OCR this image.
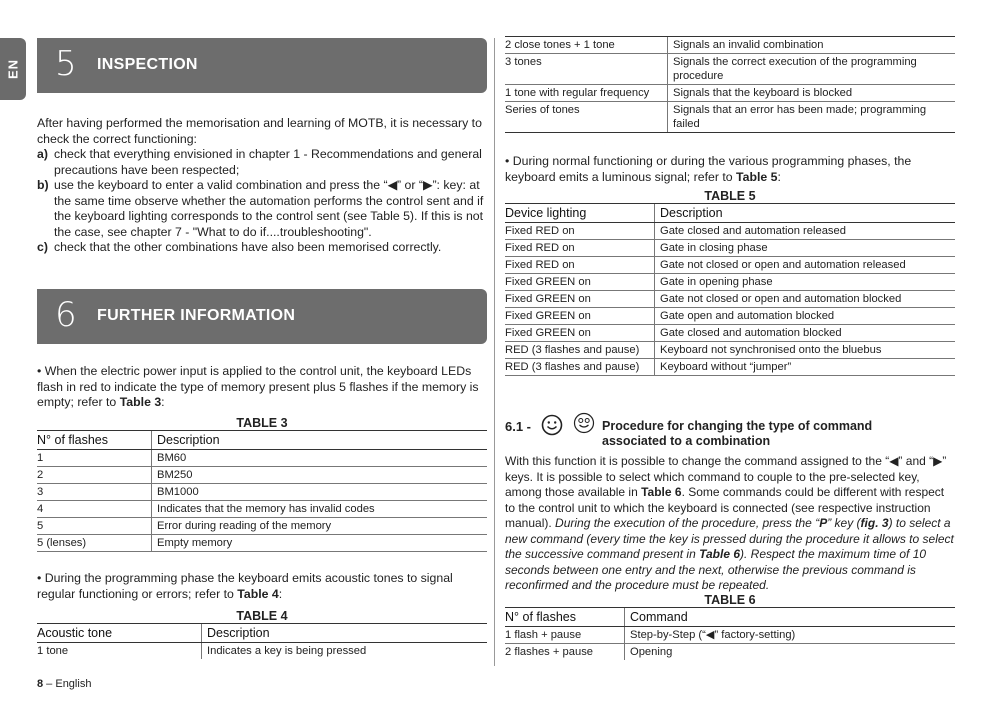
EN 5 INSPECTION

After having performed the memorisation and learning of MOTB, it is necessary to check the correct functioning:

a) check that everything envisioned in chapter 1 - Recommendations and general precautions have been respected;
b) use the keyboard to enter a valid combination and press the “◀” or “▶”: key: at the same time observe whether the automation performs the control sent and if the keyboard lighting corresponds to the control sent (see Table 5). If this is not the case, see chapter 7 - "What to do if....troubleshooting".
c) check that the other combinations have also been memorised correctly.
6 FURTHER INFORMATION

• When the electric power input is applied to the control unit, the keyboard LEDs flash in red to indicate the type of memory present plus 5 flashes if the memory is empty; refer to Table 3:

TABLE 3

N° of flashes	Description
1	BM60
2	BM250
3	BM1000
4	Indicates that the memory has invalid codes
5	Error during reading of the memory
5 (lenses)	Empty memory

• During the programming phase the keyboard emits acoustic tones to signal regular functioning or errors; refer to Table 4:

TABLE 4

Acoustic tone	Description
1 tone	Indicates a key is being pressed
2 close tones + 1 tone	Signals an invalid combination
3 tones	Signals the correct execution of the programming procedure
1 tone with regular frequency	Signals that the keyboard is blocked
Series of tones	Signals that an error has been made; programming failed

• During normal functioning or during the various programming phases, the keyboard emits a luminous signal; refer to Table 5:

TABLE 5

Device lighting	Description
Fixed RED on	Gate closed and automation released
Fixed RED on	Gate in closing phase
Fixed RED on	Gate not closed or open and automation released
Fixed GREEN on	Gate in opening phase
Fixed GREEN on	Gate not closed or open and automation blocked
Fixed GREEN on	Gate open and automation blocked
Fixed GREEN on	Gate closed and automation blocked
RED (3 flashes and pause)	Keyboard not synchronised onto the bluebus
RED (3 flashes and pause)	Keyboard without “jumper”
6.1 -	Procedure for changing the type of command
associated to a combination

With this function it is possible to change the command assigned to the “◀” and “▶” keys. It is possible to select which command to couple to the pre-selected key, among those available in Table 6. Some commands could be different with respect to the control unit to which the keyboard is connected (see respective instruction manual). During the execution of the procedure, press the “P” key (fig. 3) to select a new command (every time the key is pressed during the procedure it allows to select the successive command present in Table 6). Respect the maximum time of 10 seconds between one entry and the next, otherwise the previous command is reconfirmed and the procedure must be repeated.

TABLE 6

N° of flashes	Command
1 flash + pause	Step-by-Step (“◀” factory-setting)
2 flashes + pause	Opening
8 – English
